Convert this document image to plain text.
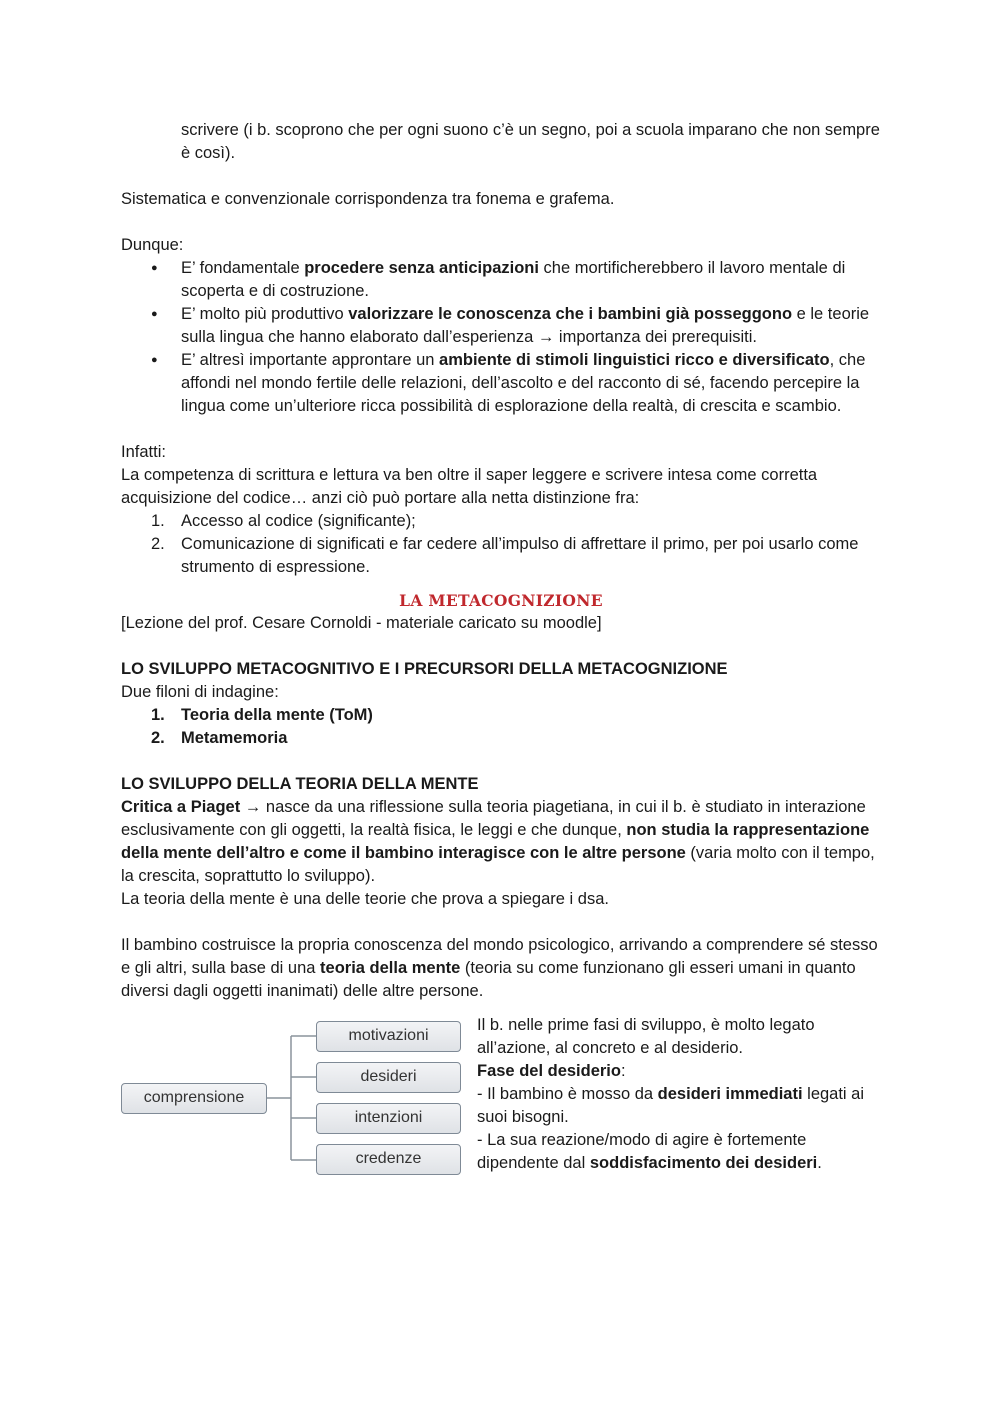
scrivere (i b. scoprono che per ogni suono c’è un segno, poi a scuola imparano che non sempre è così).

Sistematica e convenzionale corrispondenza tra fonema e grafema.

Dunque:

● E’ fondamentale procedere senza anticipazioni che mortificherebbero il lavoro mentale di scoperta e di costruzione.
● E’ molto più produttivo valorizzare le conoscenza che i bambini già posseggono e le teorie sulla lingua che hanno elaborato dall’esperienza → importanza dei prerequisiti.
● E’ altresì importante approntare un ambiente di stimoli linguistici ricco e diversificato, che affondi nel mondo fertile delle relazioni, dell’ascolto e del racconto di sé, facendo percepire la lingua come un’ulteriore ricca possibilità di esplorazione della realtà, di crescita e scambio.

Infatti:

La competenza di scrittura e lettura va ben oltre il saper leggere e scrivere intesa come corretta acquisizione del codice… anzi ciò può portare alla netta distinzione fra:

1. Accesso al codice (significante);
2. Comunicazione di significati e far cedere all’impulso di affrettare il primo, per poi usarlo come strumento di espressione.

LA METACOGNIZIONE

[Lezione del prof. Cesare Cornoldi - materiale caricato su moodle]

LO SVILUPPO METACOGNITIVO E I PRECURSORI DELLA METACOGNIZIONE

Due filoni di indagine:

1. Teoria della mente (ToM)
2. Metamemoria

LO SVILUPPO DELLA TEORIA DELLA MENTE

Critica a Piaget → nasce da una riflessione sulla teoria piagetiana, in cui il b. è studiato in interazione esclusivamente con gli oggetti, la realtà fisica, le leggi e che dunque, non studia la rappresentazione della mente dell’altro e come il bambino interagisce con le altre persone (varia molto con il tempo, la crescita, soprattutto lo sviluppo).

La teoria della mente è una delle teorie che prova a spiegare i dsa.

Il bambino costruisce la propria conoscenza del mondo psicologico, arrivando a comprendere sé stesso e gli altri, sulla base di una teoria della mente (teoria su come funzionano gli esseri umani in quanto diversi dagli oggetti inanimati) delle altre persone.

comprensione
motivazioni
desideri
intenzioni
credenze

Il b. nelle prime fasi di sviluppo, è molto legato all’azione, al concreto e al desiderio.

Fase del desiderio:

- Il bambino è mosso da desideri immediati legati ai suoi bisogni.

- La sua reazione/modo di agire è fortemente dipendente dal soddisfacimento dei desideri.
